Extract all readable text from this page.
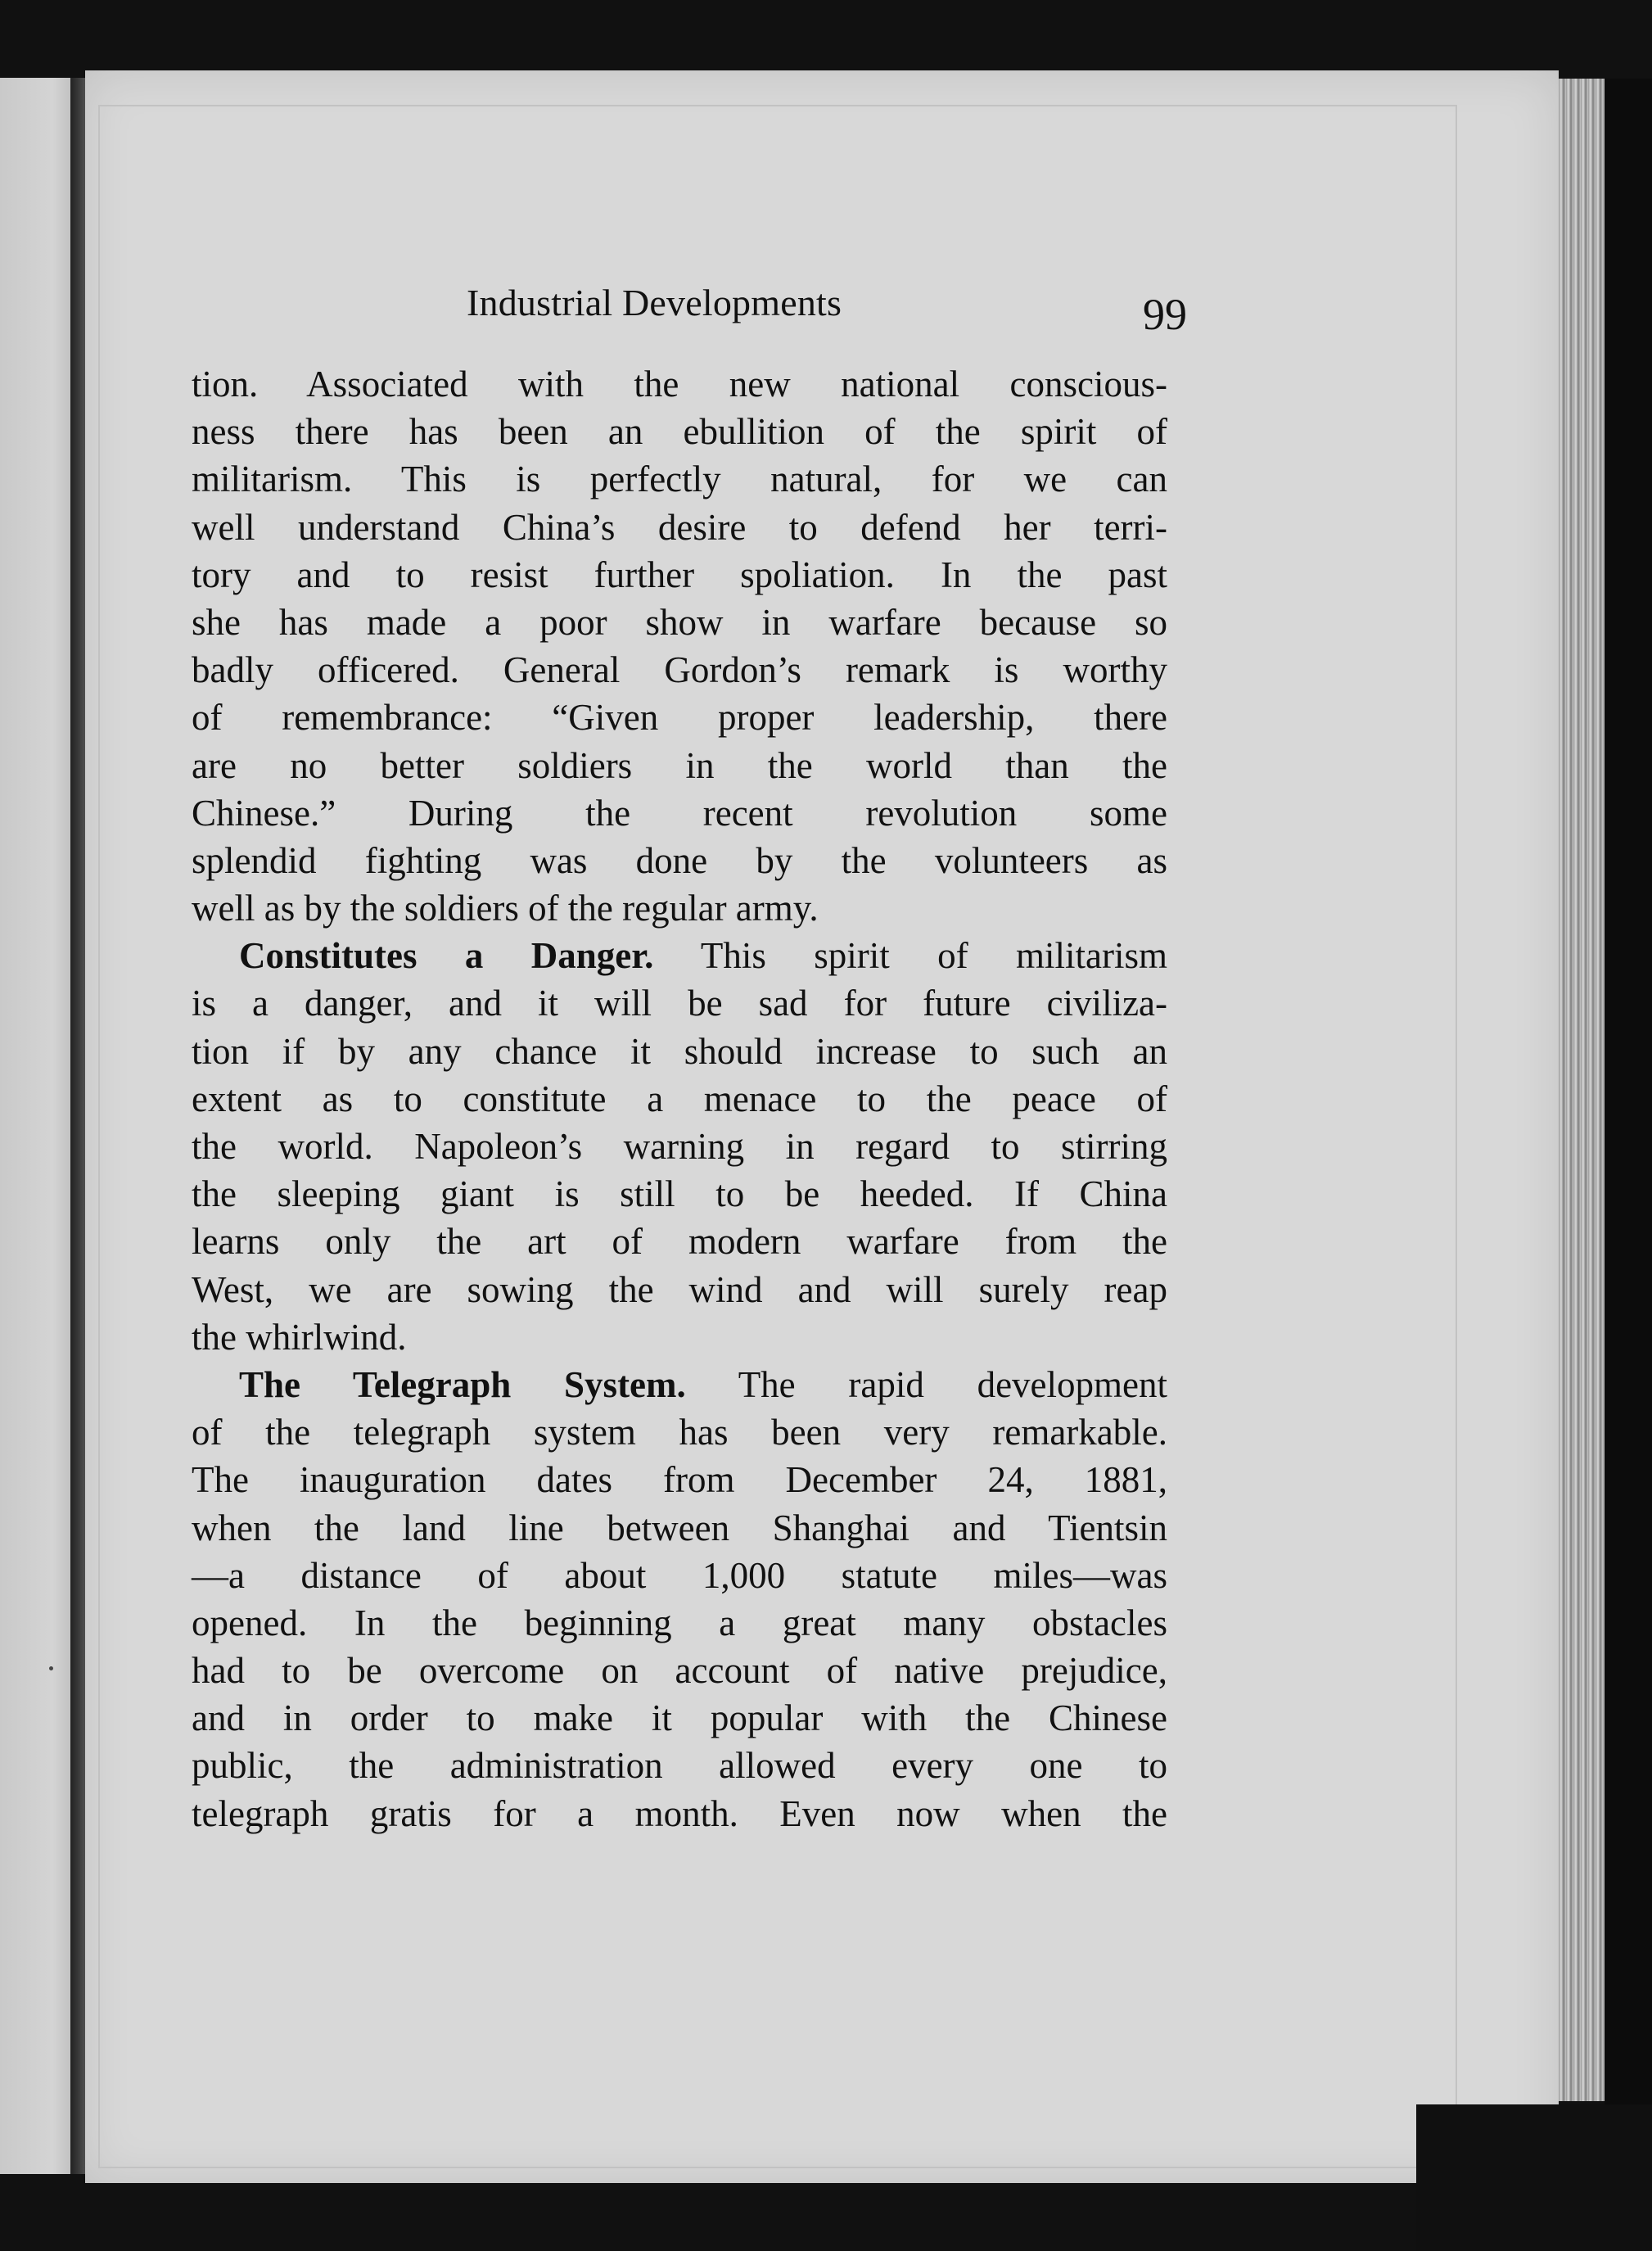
Industrial Developments	99
tion. Associated with the new national conscious-
ness there has been an ebullition of the spirit of
militarism. This is perfectly natural, for we can
well understand China’s desire to defend her terri-
tory and to resist further spoliation. In the past
she has made a poor show in warfare because so
badly officered. General Gordon’s remark is worthy
of remembrance: “Given proper leadership, there
are no better soldiers in the world than the
Chinese.” During the recent revolution some
splendid fighting was done by the volunteers as
well as by the soldiers of the regular army.
Constitutes a Danger. This spirit of militarism
is a danger, and it will be sad for future civiliza-
tion if by any chance it should increase to such an
extent as to constitute a menace to the peace of
the world. Napoleon’s warning in regard to stirring
the sleeping giant is still to be heeded. If China
learns only the art of modern warfare from the
West, we are sowing the wind and will surely reap
the whirlwind.
The Telegraph System. The rapid development
of the telegraph system has been very remarkable.
The inauguration dates from December 24, 1881,
when the land line between Shanghai and Tientsin
—a distance of about 1,000 statute miles—was
opened. In the beginning a great many obstacles
had to be overcome on account of native prejudice,
and in order to make it popular with the Chinese
public, the administration allowed every one to
telegraph gratis for a month. Even now when the
